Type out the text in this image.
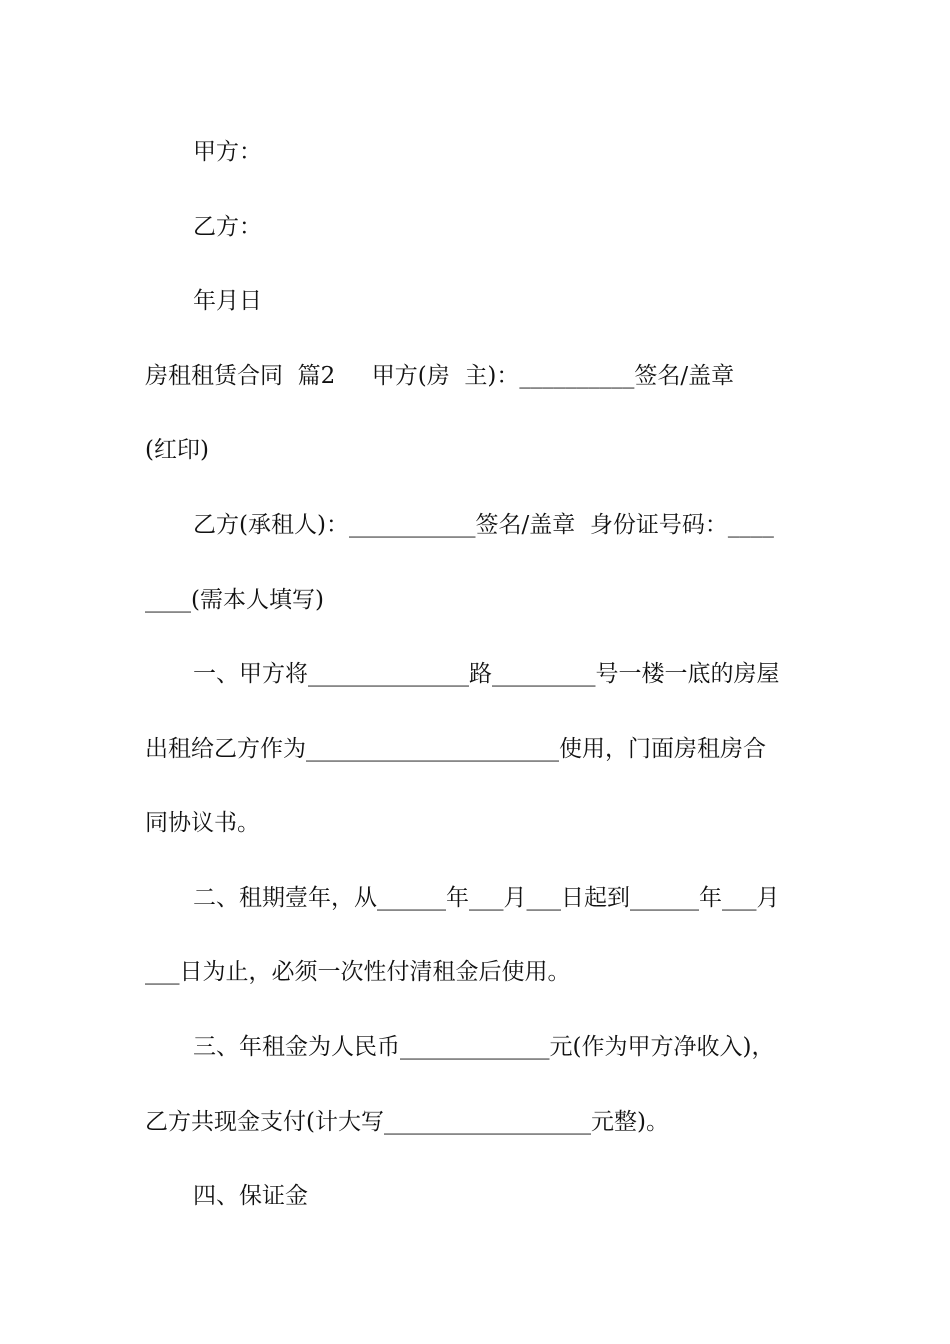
甲方：
乙方：
年月日
房租租赁合同  篇2     甲方(房  主)：__________签名/盖章
(红印)
乙方(承租人)：___________签名/盖章  身份证号码：____
____(需本人填写)
一、甲方将______________路_________号一楼一底的房屋
出租给乙方作为______________________使用，门面房租房合
同协议书。
二、租期壹年，从______年___月___日起到______年___月
___日为止，必须一次性付清租金后使用。
三、年租金为人民币_____________元(作为甲方净收入)，
乙方共现金支付(计大写__________________元整)。
四、保证金
